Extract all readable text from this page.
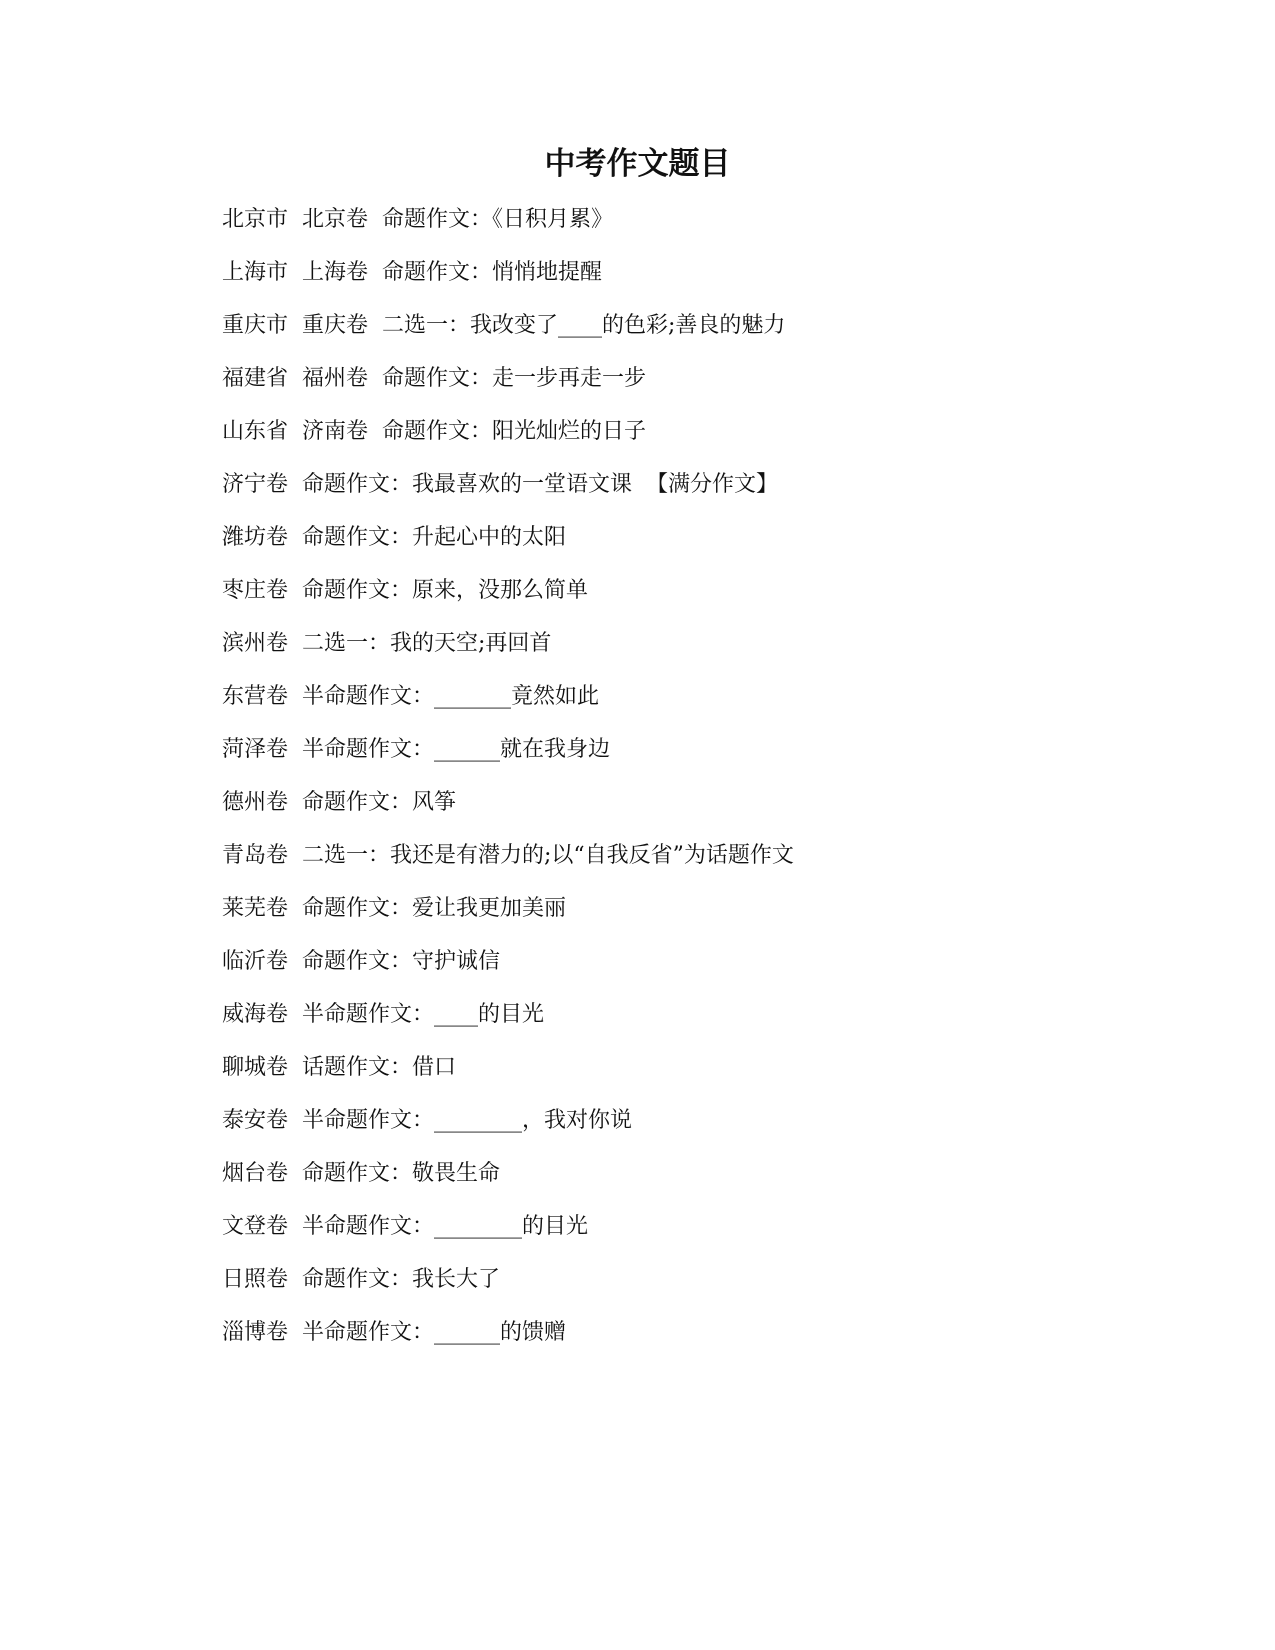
中考作文题目
北京市  北京卷  命题作文：《日积月累》
上海市  上海卷  命题作文：悄悄地提醒
重庆市  重庆卷  二选一：我改变了____的色彩;善良的魅力
福建省  福州卷  命题作文：走一步再走一步
山东省  济南卷  命题作文：阳光灿烂的日子
济宁卷  命题作文：我最喜欢的一堂语文课  【满分作文】
潍坊卷  命题作文：升起心中的太阳
枣庄卷  命题作文：原来，没那么简单
滨州卷  二选一：我的天空;再回首
东营卷  半命题作文：_______竟然如此
菏泽卷  半命题作文：______就在我身边
德州卷  命题作文：风筝
青岛卷  二选一：我还是有潜力的;以“自我反省”为话题作文
莱芜卷  命题作文：爱让我更加美丽
临沂卷  命题作文：守护诚信
威海卷  半命题作文：____的目光
聊城卷  话题作文：借口
泰安卷  半命题作文：________，我对你说
烟台卷  命题作文：敬畏生命
文登卷  半命题作文：________的目光
日照卷  命题作文：我长大了
淄博卷  半命题作文：______的馈赠
